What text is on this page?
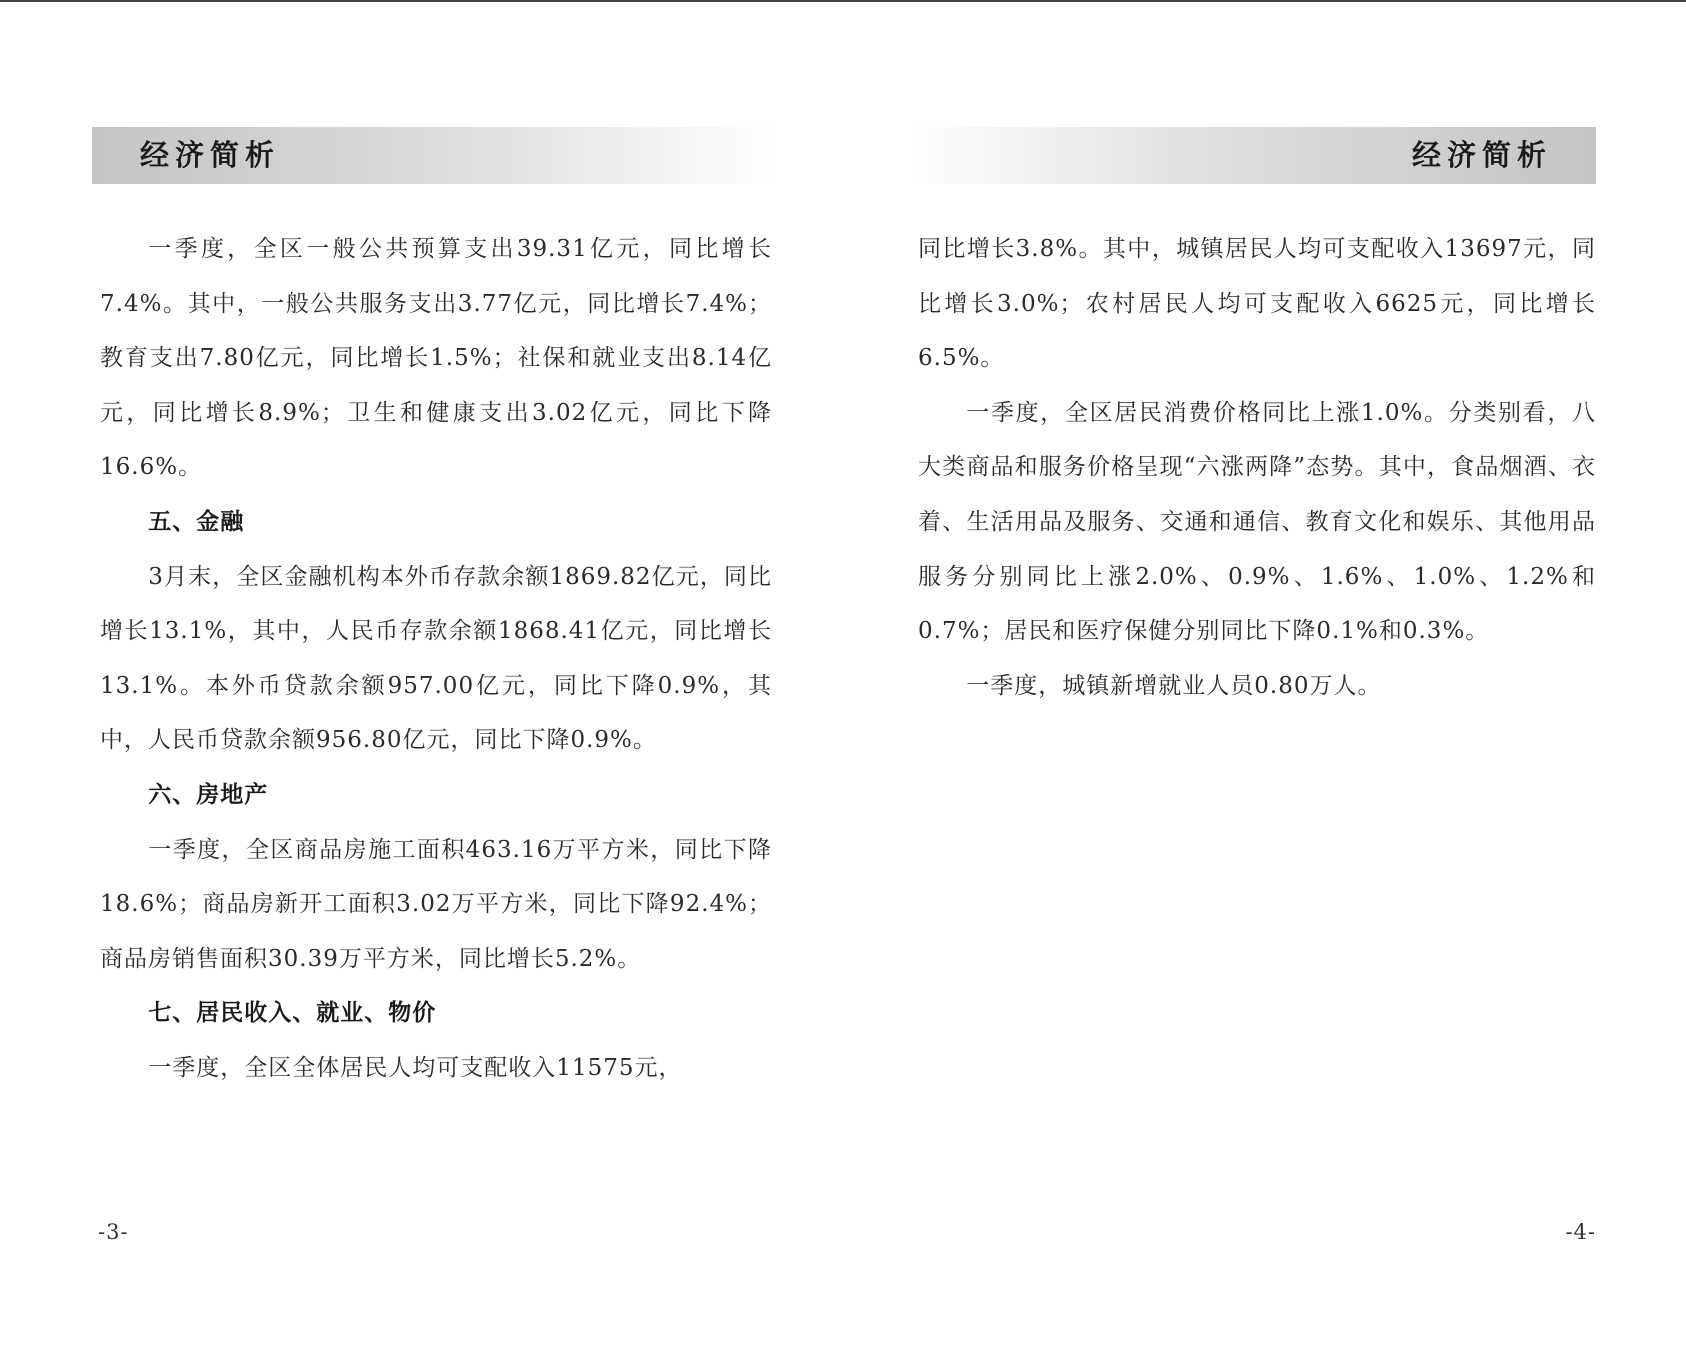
经济简析

一季度，全区一般公共预算支出39.31亿元，同比增长7.4%。其中，一般公共服务支出3.77亿元，同比增长7.4%；教育支出7.80亿元，同比增长1.5%；社保和就业支出8.14亿元，同比增长8.9%；卫生和健康支出3.02亿元，同比下降16.6%。

五、金融

3月末，全区金融机构本外币存款余额1869.82亿元，同比增长13.1%，其中，人民币存款余额1868.41亿元，同比增长13.1%。本外币贷款余额957.00亿元，同比下降0.9%，其中，人民币贷款余额956.80亿元，同比下降0.9%。

六、房地产

一季度，全区商品房施工面积463.16万平方米，同比下降18.6%；商品房新开工面积3.02万平方米，同比下降92.4%；商品房销售面积30.39万平方米，同比增长5.2%。

七、居民收入、就业、物价

一季度，全区全体居民人均可支配收入11575元，

-3-
经济简析

同比增长3.8%。其中，城镇居民人均可支配收入13697元，同比增长3.0%；农村居民人均可支配收入6625元，同比增长6.5%。

一季度，全区居民消费价格同比上涨1.0%。分类别看，八大类商品和服务价格呈现“六涨两降”态势。其中，食品烟酒、衣着、生活用品及服务、交通和通信、教育文化和娱乐、其他用品服务分别同比上涨2.0%、0.9%、1.6%、1.0%、1.2%和0.7%；居民和医疗保健分别同比下降0.1%和0.3%。

一季度，城镇新增就业人员0.80万人。

-4-
